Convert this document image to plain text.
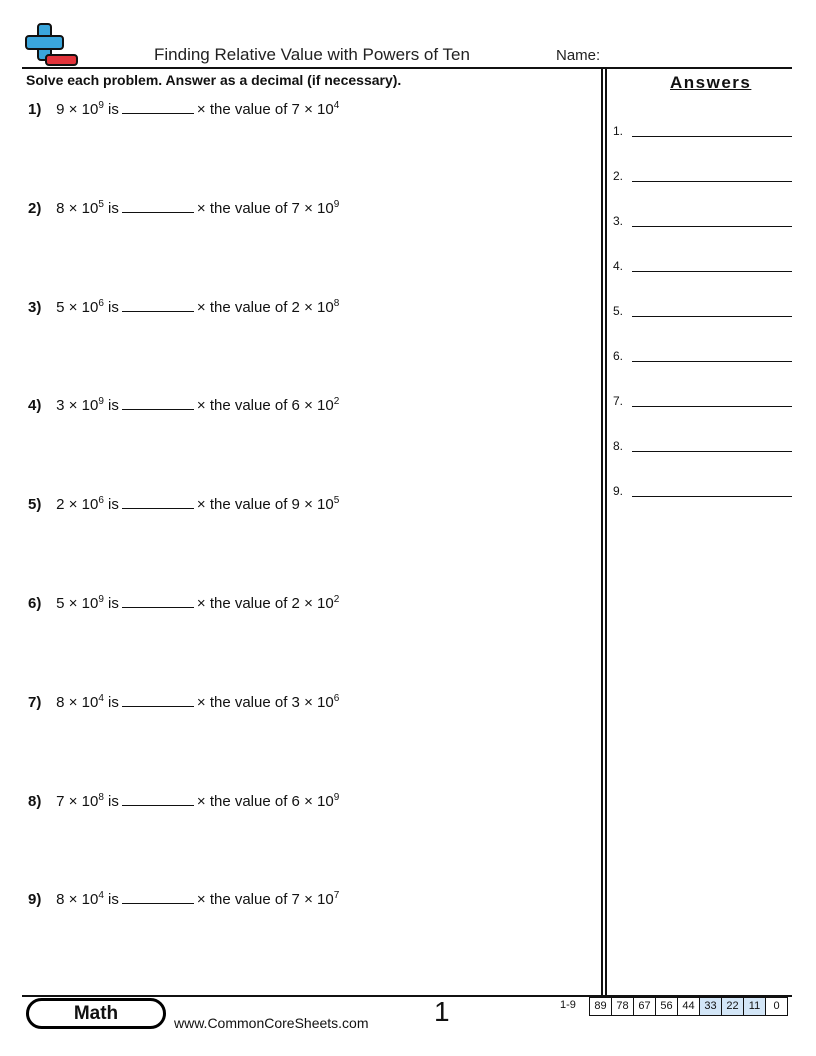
Finding Relative Value with Powers of Ten	Name:
Solve each problem. Answer as a decimal (if necessary).	Answers
1) $9 \times 10^9$ is	× the value of $7 \times 10^4$
2) $8 \times 10^5$ is	× the value of $7 \times 10^9$
3) $5 \times 10^6$ is	× the value of $2 \times 10^8$
4) $3 \times 10^9$ is	× the value of $6 \times 10^2$
5) $2 \times 10^6$ is	× the value of $9 \times 10^5$
6) $5 \times 10^9$ is	× the value of $2 \times 10^2$
7) $8 \times 10^4$ is	× the value of $3 \times 10^6$
8) $7 \times 10^8$ is	× the value of $6 \times 10^9$
9) $8 \times 10^4$ is	× the value of $7 \times 10^7$
1.
2.
3.
4.
5.
6.
7.
8.
9.
Math	www.CommonCoreSheets.com 1	1-9	89 78 67 56 44 33 22 11	0
